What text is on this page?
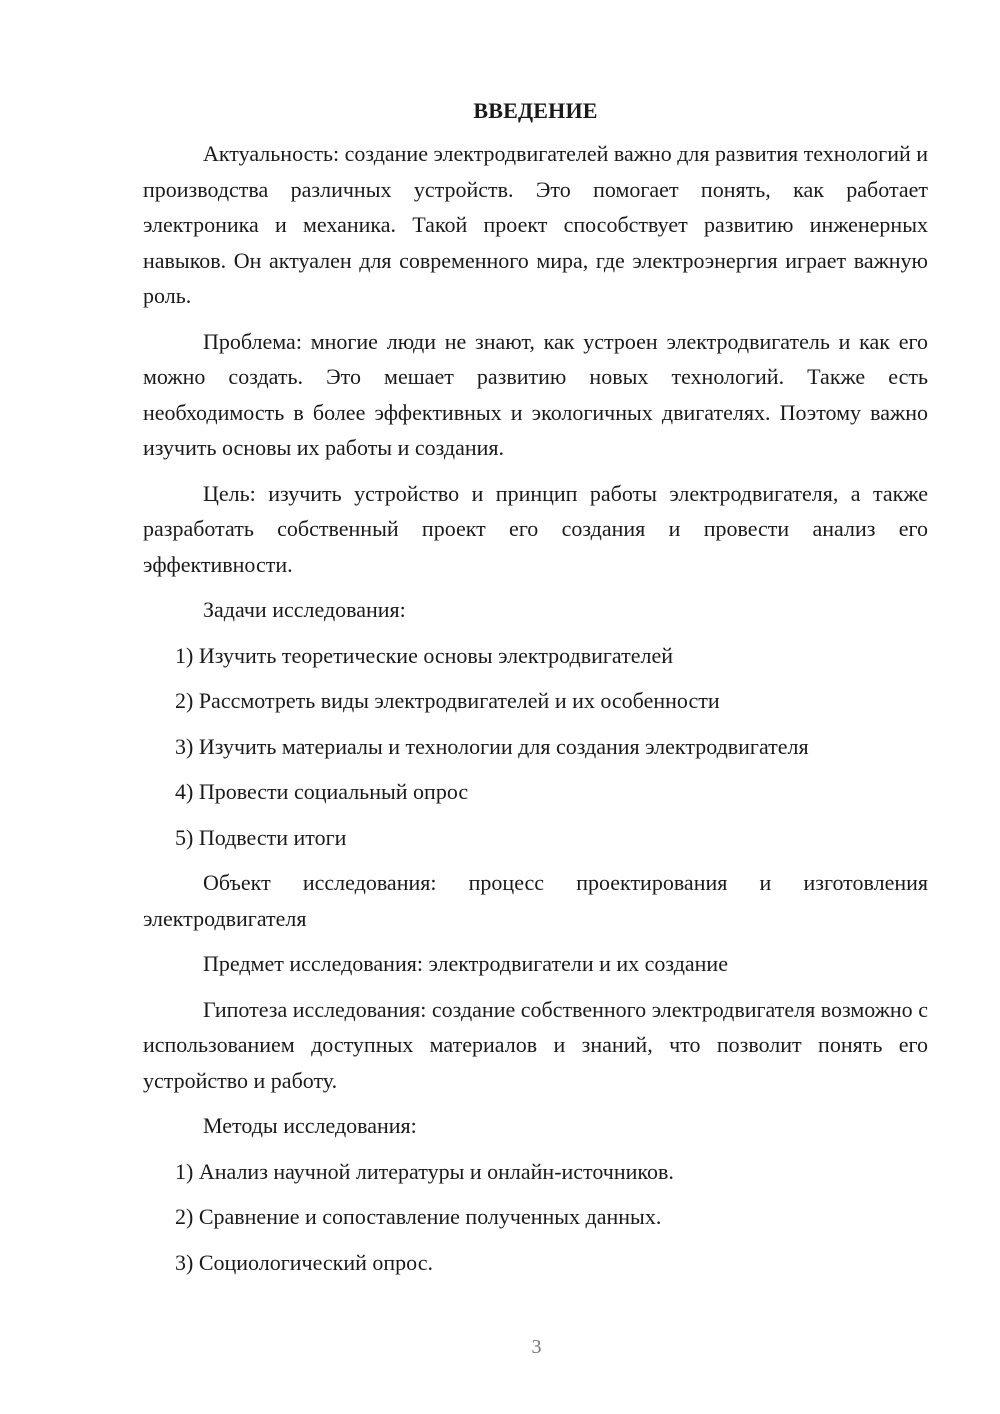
ВВЕДЕНИЕ

Актуальность: создание электродвигателей важно для развития технологий и производства различных устройств. Это помогает понять, как работает электроника и механика. Такой проект способствует развитию инженерных навыков. Он актуален для современного мира, где электроэнергия играет важную роль.

Проблема: многие люди не знают, как устроен электродвигатель и как его можно создать. Это мешает развитию новых технологий. Также есть необходимость в более эффективных и экологичных двигателях. Поэтому важно изучить основы их работы и создания.

Цель: изучить устройство и принцип работы электродвигателя, а также разработать собственный проект его создания и провести анализ его эффективности.

Задачи исследования:
1) Изучить теоретические основы электродвигателей
2) Рассмотреть виды электродвигателей и их особенности
3) Изучить материалы и технологии для создания электродвигателя
4) Провести социальный опрос
5) Подвести итоги

Объект исследования: процесс проектирования и изготовления электродвигателя

Предмет исследования: электродвигатели и их создание

Гипотеза исследования: создание собственного электродвигателя возможно с использованием доступных материалов и знаний, что позволит понять его устройство и работу.

Методы исследования:
1) Анализ научной литературы и онлайн-источников.
2) Сравнение и сопоставление полученных данных.
3) Социологический опрос.
3
